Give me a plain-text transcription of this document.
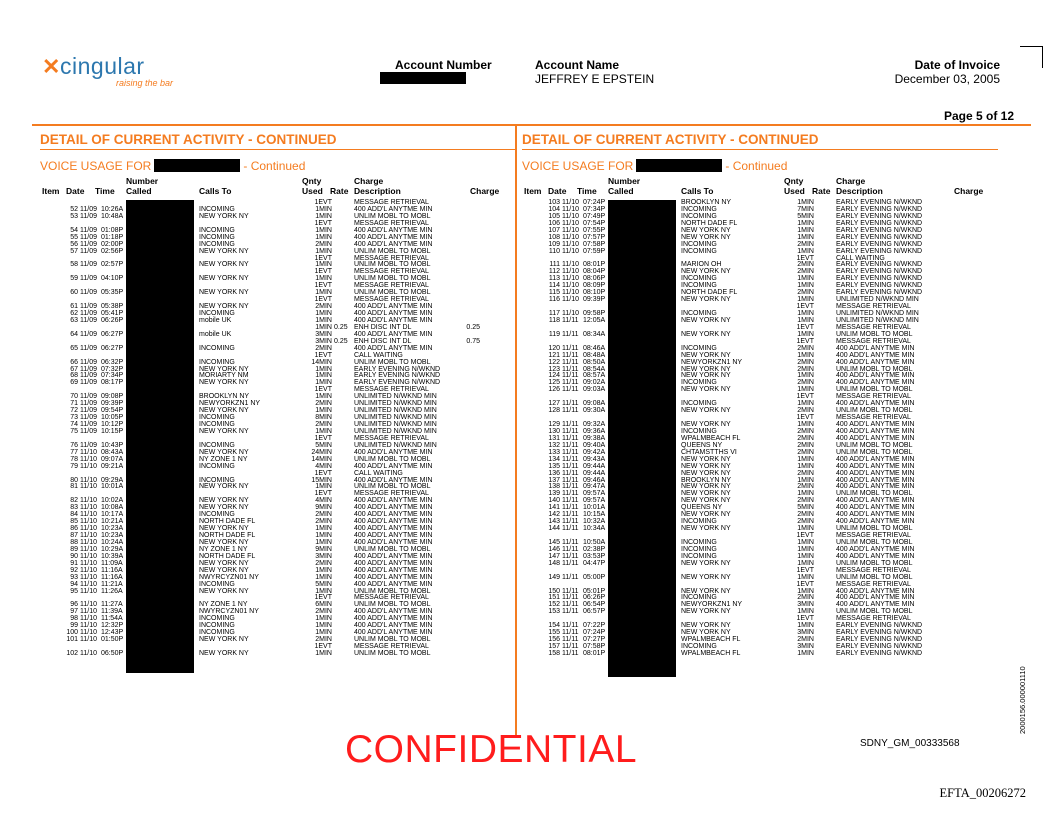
✕ cingular
raising the bar
Account Number	Account Name
JEFFREY E EPSTEIN
Date of Invoice
December 03, 2005
Page 5 of 12
DETAIL OF CURRENT ACTIVITY - CONTINUED
VOICE USAGE FOR	- Continued
Number
Item Date Time Called	Calls To
Qnty
Used Rate
Charge
Description	Charge
1EVT	MESSAGE RETRIEVAL
52 11/09 10:26A	INCOMING	1MIN	400 ADD'L ANYTME MIN
53 11/09 10:48A	NEW YORK NY	1MIN	UNLIM MOBL TO MOBL
1EVT	MESSAGE RETRIEVAL
54 11/09 01:08P	INCOMING	1MIN	400 ADD'L ANYTME MIN
55 11/09 01:18P	INCOMING	1MIN	400 ADD'L ANYTME MIN
56 11/09 02:00P	INCOMING	2MIN	400 ADD'L ANYTME MIN
57 11/09 02:56P	NEW YORK NY	1MIN	UNLIM MOBL TO MOBL
1EVT	MESSAGE RETRIEVAL
58 11/09 02:57P	NEW YORK NY	1MIN	UNLIM MOBL TO MOBL
1EVT	MESSAGE RETRIEVAL
59 11/09 04:10P	NEW YORK NY	1MIN	UNLIM MOBL TO MOBL
1EVT	MESSAGE RETRIEVAL
60 11/09 05:35P	NEW YORK NY	1MIN	UNLIM MOBL TO MOBL
1EVT	MESSAGE RETRIEVAL
61 11/09 05:38P	NEW YORK NY	2MIN	400 ADD'L ANYTME MIN
62 11/09 05:41P	INCOMING	1MIN	400 ADD'L ANYTME MIN
63 11/09 06:26P	mobile UK	1MIN	400 ADD'L ANYTME MIN
1MIN 0.25 ENH DISC INT DL	0.25
64 11/09 06:27P	mobile UK	3MIN	400 ADD'L ANYTME MIN
3MIN 0.25 ENH DISC INT DL	0.75
65 11/09 06:27P	INCOMING	2MIN	400 ADD'L ANYTME MIN
1EVT	CALL WAITING
66 11/09 06:32P	INCOMING	14MIN	UNLIM MOBL TO MOBL
67 11/09 07:32P	NEW YORK NY	1MIN	EARLY EVENING N/WKND
68 11/09 07:34P	MORIARTY NM	1MIN	EARLY EVENING N/WKND
69 11/09 08:17P	NEW YORK NY	1MIN	EARLY EVENING N/WKND
1EVT	MESSAGE RETRIEVAL
70 11/09 09:08P	BROOKLYN NY	1MIN	UNLIMITED N/WKND MIN
71 11/09 09:39P	NEWYORKZN1 NY	2MIN	UNLIMITED N/WKND MIN
72 11/09 09:54P	NEW YORK NY	1MIN	UNLIMITED N/WKND MIN
73 11/09 10:05P	INCOMING	8MIN	UNLIMITED N/WKND MIN
74 11/09 10:12P	INCOMING	2MIN	UNLIMITED N/WKND MIN
75 11/09 10:15P	NEW YORK NY	1MIN	UNLIMITED N/WKND MIN
1EVT	MESSAGE RETRIEVAL
76 11/09 10:43P	INCOMING	5MIN	UNLIMITED N/WKND MIN
77 11/10 08:43A	NEW YORK NY	24MIN	400 ADD'L ANYTME MIN
78 11/10 09:07A	NY ZONE 1 NY	14MIN	UNLIM MOBL TO MOBL
79 11/10 09:21A	INCOMING	4MIN	400 ADD'L ANYTME MIN
1EVT	CALL WAITING
80 11/10 09:29A	INCOMING	15MIN	400 ADD'L ANYTME MIN
81 11/10 10:01A	NEW YORK NY	1MIN	UNLIM MOBL TO MOBL
1EVT	MESSAGE RETRIEVAL
82 11/10 10:02A	NEW YORK NY	4MIN	400 ADD'L ANYTME MIN
83 11/10 10:08A	NEW YORK NY	9MIN	400 ADD'L ANYTME MIN
84 11/10 10:17A	INCOMING	2MIN	400 ADD'L ANYTME MIN
85 11/10 10:21A	NORTH DADE FL	2MIN	400 ADD'L ANYTME MIN
86 11/10 10:23A	NEW YORK NY	1MIN	400 ADD'L ANYTME MIN
87 11/10 10:23A	NORTH DADE FL	1MIN	400 ADD'L ANYTME MIN
88 11/10 10:24A	NEW YORK NY	1MIN	400 ADD'L ANYTME MIN
89 11/10 10:29A	NY ZONE 1 NY	9MIN	UNLIM MOBL TO MOBL
90 11/10 10:39A	NORTH DADE FL	3MIN	400 ADD'L ANYTME MIN
91 11/10 11:09A	NEW YORK NY	2MIN	400 ADD'L ANYTME MIN
92 11/10 11:16A	NEW YORK NY	1MIN	400 ADD'L ANYTME MIN
93 11/10 11:16A	NWYRCYZN01 NY	1MIN	400 ADD'L ANYTME MIN
94 11/10 11:21A	INCOMING	5MIN	400 ADD'L ANYTME MIN
95 11/10 11:26A	NEW YORK NY	1MIN	UNLIM MOBL TO MOBL
1EVT	MESSAGE RETRIEVAL
96 11/10 11:27A	NY ZONE 1 NY	6MIN	UNLIM MOBL TO MOBL
97 11/10 11:39A	NWYRCYZN01 NY	2MIN	400 ADD'L ANYTME MIN
98 11/10 11:54A	INCOMING	1MIN	400 ADD'L ANYTME MIN
99 11/10 12:32P	INCOMING	1MIN	400 ADD'L ANYTME MIN
100 11/10 12:43P	INCOMING	1MIN	400 ADD'L ANYTME MIN
101 11/10 01:50P	NEW YORK NY	2MIN	UNLIM MOBL TO MOBL
1EVT	MESSAGE RETRIEVAL
102 11/10 06:50P	NEW YORK NY	1MIN	UNLIM MOBL TO MOBL
DETAIL OF CURRENT ACTIVITY - CONTINUED
VOICE USAGE FOR	- Continued
Number
Item Date Time Called	Calls To
Qnty
Used Rate
Charge
Description	Charge
103 11/10 07:24P	BROOKLYN NY	1MIN	EARLY EVENING N/WKND
104 11/10 07:34P	INCOMING	7MIN	EARLY EVENING N/WKND
105 11/10 07:49P	INCOMING	5MIN	EARLY EVENING N/WKND
106 11/10 07:54P	NORTH DADE FL	1MIN	EARLY EVENING N/WKND
107 11/10 07:55P	NEW YORK NY	1MIN	EARLY EVENING N/WKND
108 11/10 07:57P	NEW YORK NY	1MIN	EARLY EVENING N/WKND
109 11/10 07:58P	INCOMING	2MIN	EARLY EVENING N/WKND
110 11/10 07:59P	INCOMING	1MIN	EARLY EVENING N/WKND
1EVT	CALL WAITING
111 11/10 08:01P	MARION OH	2MIN	EARLY EVENING N/WKND
112 11/10 08:04P	NEW YORK NY	2MIN	EARLY EVENING N/WKND
113 11/10 08:06P	INCOMING	1MIN	EARLY EVENING N/WKND
114 11/10 08:09P	INCOMING	1MIN	EARLY EVENING N/WKND
115 11/10 08:10P	NORTH DADE FL	2MIN	EARLY EVENING N/WKND
116 11/10 09:39P	NEW YORK NY	1MIN	UNLIMITED N/WKND MIN
1EVT	MESSAGE RETRIEVAL
117 11/10 09:58P	INCOMING	1MIN	UNLIMITED N/WKND MIN
118 11/11 12:05A	NEW YORK NY	1MIN	UNLIMITED N/WKND MIN
1EVT	MESSAGE RETRIEVAL
119 11/11 08:34A	NEW YORK NY	1MIN	UNLIM MOBL TO MOBL
1EVT	MESSAGE RETRIEVAL
120 11/11 08:46A	INCOMING	2MIN	400 ADD'L ANYTME MIN
121 11/11 08:48A	NEW YORK NY	1MIN	400 ADD'L ANYTME MIN
122 11/11 08:50A	NEWYORKZN1 NY	2MIN	400 ADD'L ANYTME MIN
123 11/11 08:54A	NEW YORK NY	2MIN	UNLIM MOBL TO MOBL
124 11/11 08:57A	NEW YORK NY	1MIN	400 ADD'L ANYTME MIN
125 11/11 09:02A	INCOMING	2MIN	400 ADD'L ANYTME MIN
126 11/11 09:03A	NEW YORK NY	1MIN	UNLIM MOBL TO MOBL
1EVT	MESSAGE RETRIEVAL
127 11/11 09:08A	INCOMING	1MIN	400 ADD'L ANYTME MIN
128 11/11 09:30A	NEW YORK NY	2MIN	UNLIM MOBL TO MOBL
1EVT	MESSAGE RETRIEVAL
129 11/11 09:32A	NEW YORK NY	1MIN	400 ADD'L ANYTME MIN
130 11/11 09:36A	INCOMING	2MIN	400 ADD'L ANYTME MIN
131 11/11 09:38A	WPALMBEACH FL	2MIN	400 ADD'L ANYTME MIN
132 11/11 09:40A	QUEENS NY	2MIN	UNLIM MOBL TO MOBL
133 11/11 09:42A	CHTAMSTTHS VI	2MIN	UNLIM MOBL TO MOBL
134 11/11 09:43A	NEW YORK NY	1MIN	400 ADD'L ANYTME MIN
135 11/11 09:44A	NEW YORK NY	1MIN	400 ADD'L ANYTME MIN
136 11/11 09:44A	NEW YORK NY	2MIN	400 ADD'L ANYTME MIN
137 11/11 09:46A	BROOKLYN NY	1MIN	400 ADD'L ANYTME MIN
138 11/11 09:47A	NEW YORK NY	2MIN	400 ADD'L ANYTME MIN
139 11/11 09:57A	NEW YORK NY	1MIN	UNLIM MOBL TO MOBL
140 11/11 09:57A	NEW YORK NY	2MIN	400 ADD'L ANYTME MIN
141 11/11 10:01A	QUEENS NY	5MIN	400 ADD'L ANYTME MIN
142 11/11 10:15A	NEW YORK NY	2MIN	400 ADD'L ANYTME MIN
143 11/11 10:32A	INCOMING	2MIN	400 ADD'L ANYTME MIN
144 11/11 10:34A	NEW YORK NY	1MIN	UNLIM MOBL TO MOBL
1EVT	MESSAGE RETRIEVAL
145 11/11 10:50A	INCOMING	1MIN	UNLIM MOBL TO MOBL
146 11/11 02:38P	INCOMING	1MIN	400 ADD'L ANYTME MIN
147 11/11 03:53P	INCOMING	1MIN	400 ADD'L ANYTME MIN
148 11/11 04:47P	NEW YORK NY	1MIN	UNLIM MOBL TO MOBL
1EVT	MESSAGE RETRIEVAL
149 11/11 05:00P	NEW YORK NY	1MIN	UNLIM MOBL TO MOBL
1EVT	MESSAGE RETRIEVAL
150 11/11 05:01P	NEW YORK NY	1MIN	400 ADD'L ANYTME MIN
151 11/11 06:26P	INCOMING	2MIN	400 ADD'L ANYTME MIN
152 11/11 06:54P	NEWYORKZN1 NY	3MIN	400 ADD'L ANYTME MIN
153 11/11 06:57P	NEW YORK NY	1MIN	UNLIM MOBL TO MOBL
1EVT	MESSAGE RETRIEVAL
154 11/11 07:22P	NEW YORK NY	1MIN	EARLY EVENING N/WKND
155 11/11 07:24P	NEW YORK NY	3MIN	EARLY EVENING N/WKND
156 11/11 07:27P	WPALMBEACH FL	2MIN	EARLY EVENING N/WKND
157 11/11 07:58P	INCOMING	3MIN	EARLY EVENING N/WKND
158 11/11 08:01P	WPALMBEACH FL	1MIN	EARLY EVENING N/WKND
CONFIDENTIAL	SDNY_GM_00333568
EFTA_00206272
2000156.000001110
